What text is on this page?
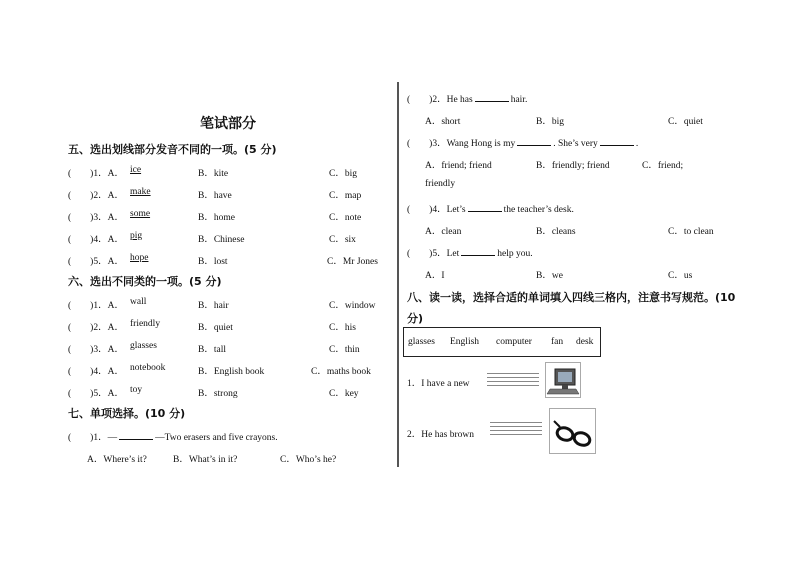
笔试部分
五、选出划线部分发音不同的一项。(5 分)
(　　)1．A． ice	B．kite	C．big
(　　)2．A． make	B．have	C．map
(　　)3．A． some	B．home	C．note
(　　)4．A． pig	B．Chinese	C．six
(　　)5．A． hope	B．lost	C．Mr Jones
六、选出不同类的一项。(5 分)
(　　)1．A． wall	B．hair	C．window
(　　)2．A． friendly	B．quiet	C．his
(　　)3．A． glasses	B．tall	C．thin
(　　)4．A． notebook	B．English book	C．maths book
(　　)5．A． toy	B．strong	C．key
七、单项选择。(10 分)
(　　)1．—	—Two erasers and five crayons.
A．Where’s it?	B．What’s in it?	C．Who’s he?
(　　)2．He has	hair.
A．short	B．big	C．quiet
(　　)3．Wang Hong is my	. She’s very	.
A．friend; friend	B．friendly; friend	C．friend;
friendly
(　　)4．Let’s	the teacher’s desk.
A．clean	B．cleans	C．to clean
(　　)5．Let	help you.
A．I	B．we	C．us
八、读一读，选择合适的单词填入四线三格内，注意书写规范。(10
分)
glasses English computer fan desk
1．I have a new
2．He has brown
